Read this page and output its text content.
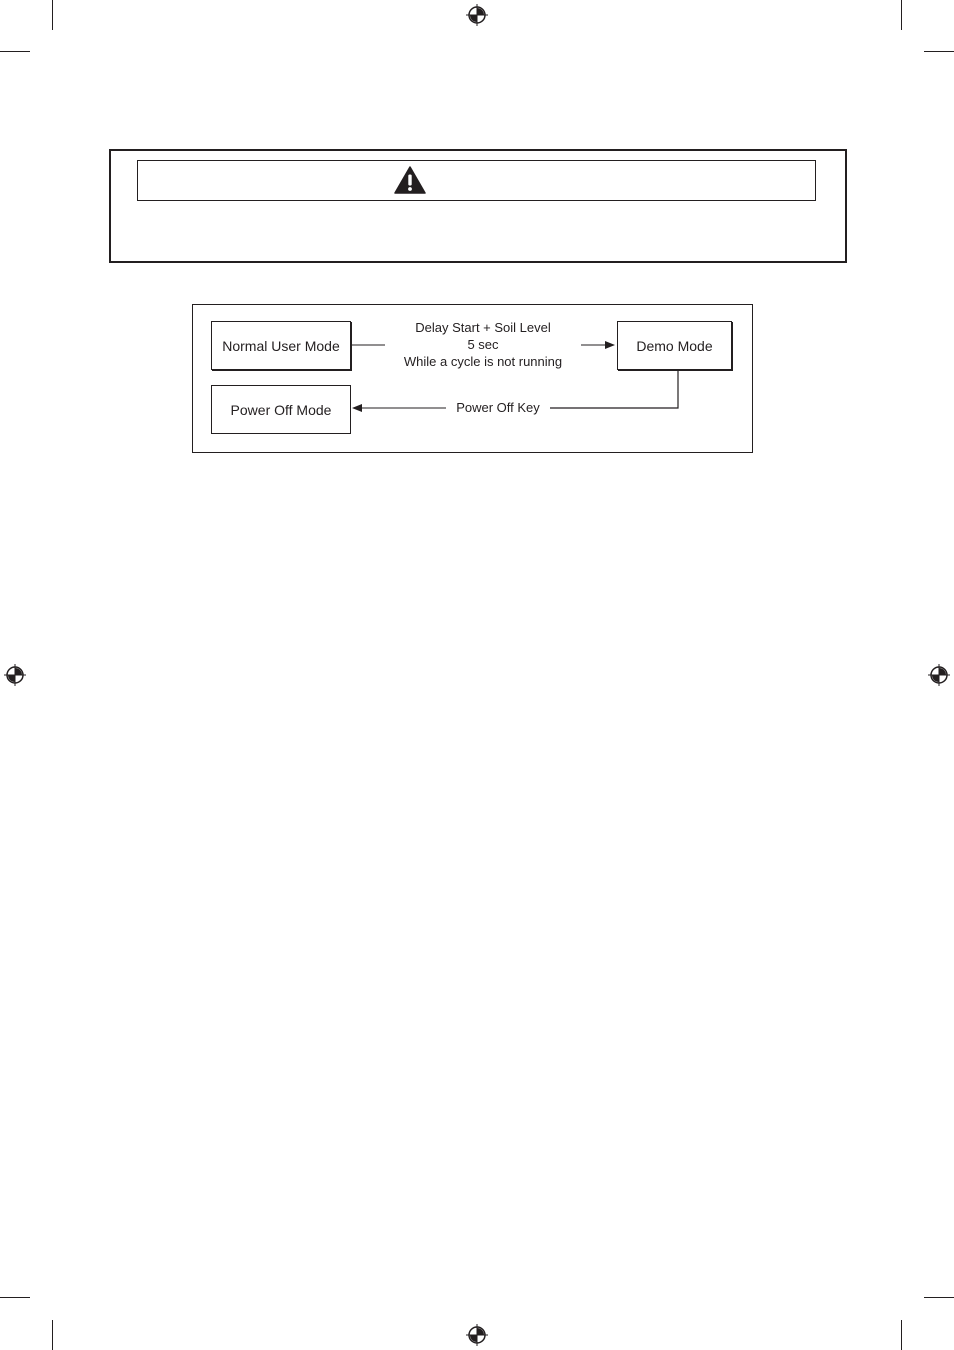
Normal User Mode	Demo Mode
Power Off Mode
Delay Start + Soil Level
5 sec
While a cycle is not running
Power Off Key
